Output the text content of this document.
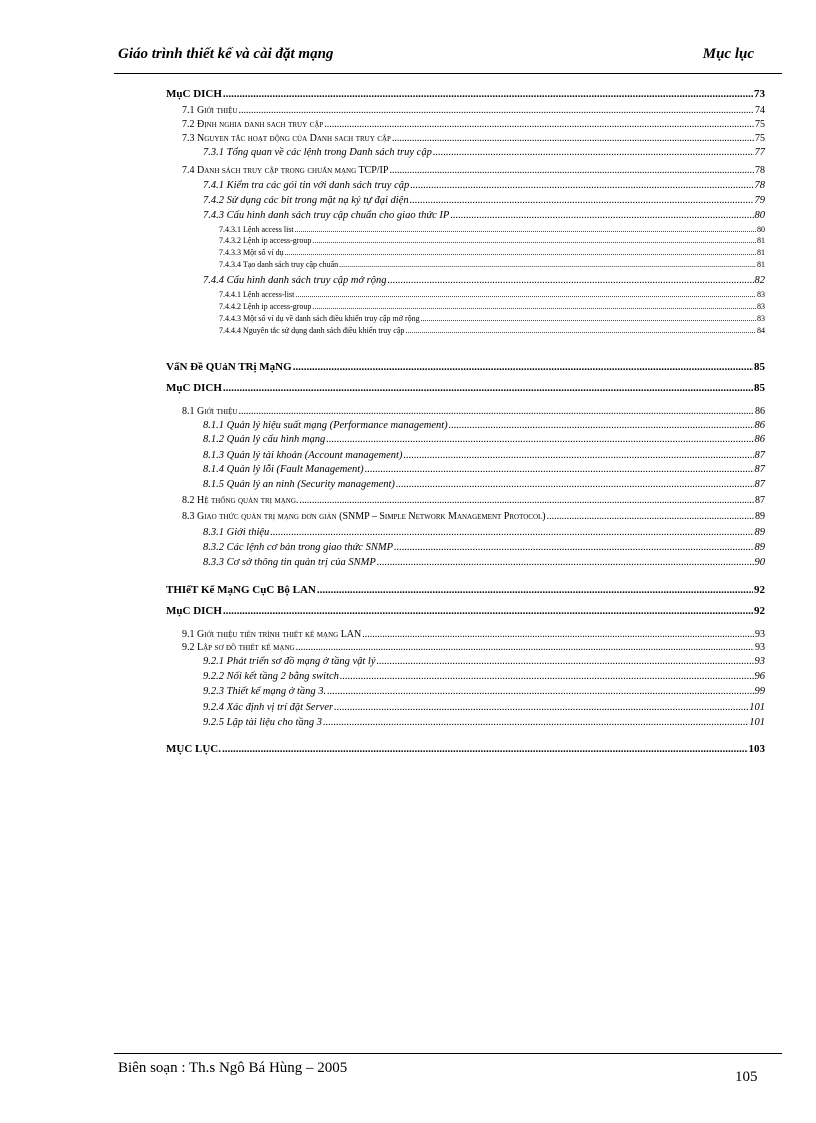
Giáo trình thiết kế và cài đặt mạng	Mục lục
MụC DICH .....	73
7.1 Giới thiệu .....	74
7.2 Định nghia danh sach truy cập .....	75
7.3 Nguyen tắc hoạt động của Danh sach truy cập .....	75
7.3.1 Tổng quan về các lệnh trong Danh sách truy cập .....	77
7.4 Danh sách truy cập trong chuẩn mạng TCP/IP .....	78
7.4.1 Kiểm tra các gói tin với danh sách truy cập .....	78
7.4.2 Sử dụng các bit trong mặt nạ ký tự đại diện .....	79
7.4.3 Cấu hình danh sách truy cập chuẩn cho giao thức IP .....	80
7.4.3.1 Lệnh access list .....	80
7.4.3.2 Lệnh ip access-group .....	81
7.4.3.3 Một số ví dụ .....	81
7.4.3.4 Tạo danh sách truy cập chuẩn .....	81
7.4.4 Cấu hình danh sách truy cập mở rộng .....	82
7.4.4.1 Lệnh access-list .....	83
7.4.4.2 Lệnh ip access-group .....	83
7.4.4.3 Một số ví dụ về danh sách điều khiển truy cập mở rộng .....	83
7.4.4.4 Nguyên tắc sử dụng danh sách điều khiển truy cập .....	84
VấN Đề QUảN TRị MạNG .....	85
MụC DICH .....	85
8.1 Giới thiệu .....	86
8.1.1 Quản lý hiệu suất mạng (Performance management) .....	86
8.1.2 Quản lý cấu hình mạng .....	86
8.1.3 Quản lý tài khoản (Account management) .....	87
8.1.4 Quản lý lỗi (Fault Management) .....	87
8.1.5 Quản lý an ninh (Security management) .....	87
8.2 Hệ thống quản trị mạng. .....	87
8.3 Giao thức quản trị mạng đơn giản (SNMP – Simple Network Management Protocol) .....	89
8.3.1 Giới thiệu .....	89
8.3.2 Các lệnh cơ bản trong giao thức SNMP .....	89
8.3.3 Cơ sở thông tin quản trị của SNMP .....	90
THIếT Kế MạNG CụC Bộ LAN .....	92
MụC DICH .....	92
9.1 Giới thiệu tiến trình thiết kế mạng LAN .....	93
9.2 Lập sơ đồ thiết kế mạng .....	93
9.2.1 Phát triển sơ đồ mạng ở tầng vật lý .....	93
9.2.2 Nối kết tầng 2 bằng switch .....	96
9.2.3 Thiết kế mạng ở tầng 3. .....	99
9.2.4 Xác định vị trí đặt Server .....	101
9.2.5 Lập tài liệu cho tầng 3 .....	101
MỤC LỤC. .....	103
Biên soạn : Th.s Ngô Bá Hùng – 2005
105
